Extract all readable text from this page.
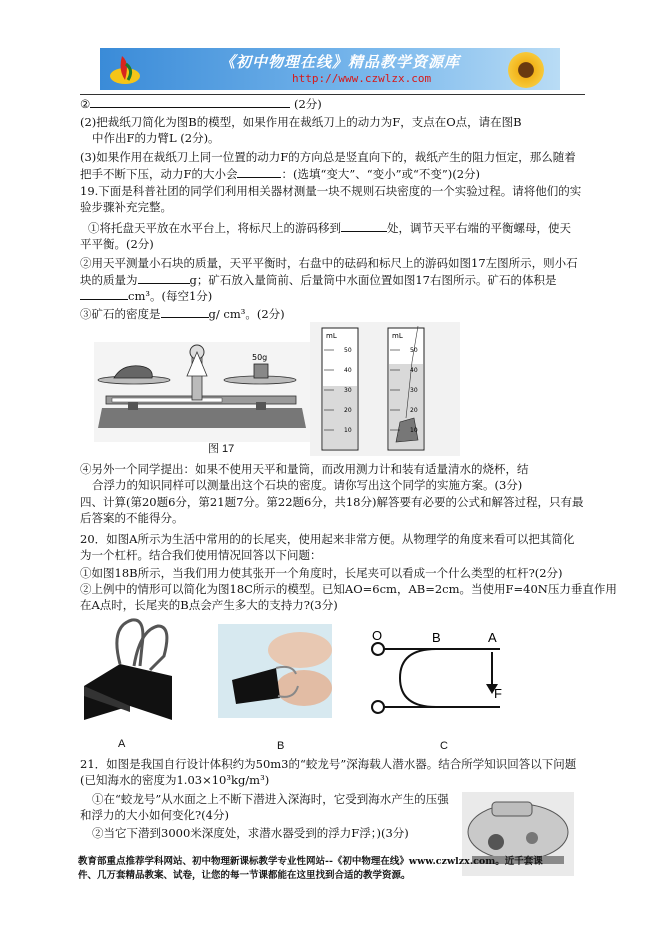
《初中物理在线》精品教学资源库
http://www.czwlzx.com
②	(2分)
(2)把裁纸刀简化为图B的模型，如果作用在裁纸刀上的动力为F，支点在O点，请在图B
中作出F的力臂L (2分)。
(3)如果作用在裁纸刀上同一位置的动力F的方向总是竖直向下的，裁纸产生的阻力恒定，那么随着
把手不断下压，动力F的大小会	：(选填“变大”、“变小”或“不变”)(2分)
19.下面是科普社团的同学们利用相关器材测量一块不规则石块密度的一个实验过程。请将他们的实
验步骤补充完整。
①将托盘天平放在水平台上，将标尺上的游码移到	处，调节天平右端的平衡螺母，使天
平平衡。(2分)
②用天平测量小石块的质量，天平平衡时，右盘中的砝码和标尺上的游码如图17左图所示，则小石
块的质量为	g；矿石放入量筒前、后量筒中水面位置如图17右图所示。矿石的体积是
cm³。(每空1分)
③矿石的密度是	g/ cm³。(2分)
50g
图 17
mL	mL
50
40
30
20
10
50
40
30
20
10
④另外一个同学提出：如果不使用天平和量筒，而改用测力计和装有适量清水的烧杯，结
合浮力的知识同样可以测量出这个石块的密度。请你写出这个同学的实施方案。(3分)
四、计算(第20题6分，第21题7分。第22题6分，共18分)解答要有必要的公式和解答过程，只有最
后答案的不能得分。
20．如图A所示为生活中常用的的长尾夹，使用起来非常方便。从物理学的角度来看可以把其简化
为一个杠杆。结合我们使用情况回答以下问题：
①如图18B所示，当我们用力使其张开一个角度时，长尾夹可以看成一个什么类型的杠杆?(2分)
②上例中的情形可以简化为图18C所示的模型。已知AO=6cm，AB=2cm。当使用F=40N压力垂直作用
在A点时，长尾夹的B点会产生多大的支持力?(3分)
A	B
O	B	A
F
C
21．如图是我国自行设计体积约为50m3的“蛟龙号”深海载人潜水器。结合所学知识回答以下问题
(已知海水的密度为1.03×10³kg/m³)
①在“蛟龙号”从水面之上不断下潜进入深海时，它受到海水产生的压强
和浮力的大小如何变化?(4分)
②当它下潜到3000米深度处，求潜水器受到的浮力F浮；)(3分)
教育部重点推荐学科网站、初中物理新课标教学专业性网站--《初中物理在线》www.czwlzx.com。近千套课
件、几万套精品教案、试卷，让您的每一节课都能在这里找到合适的教学资源。
